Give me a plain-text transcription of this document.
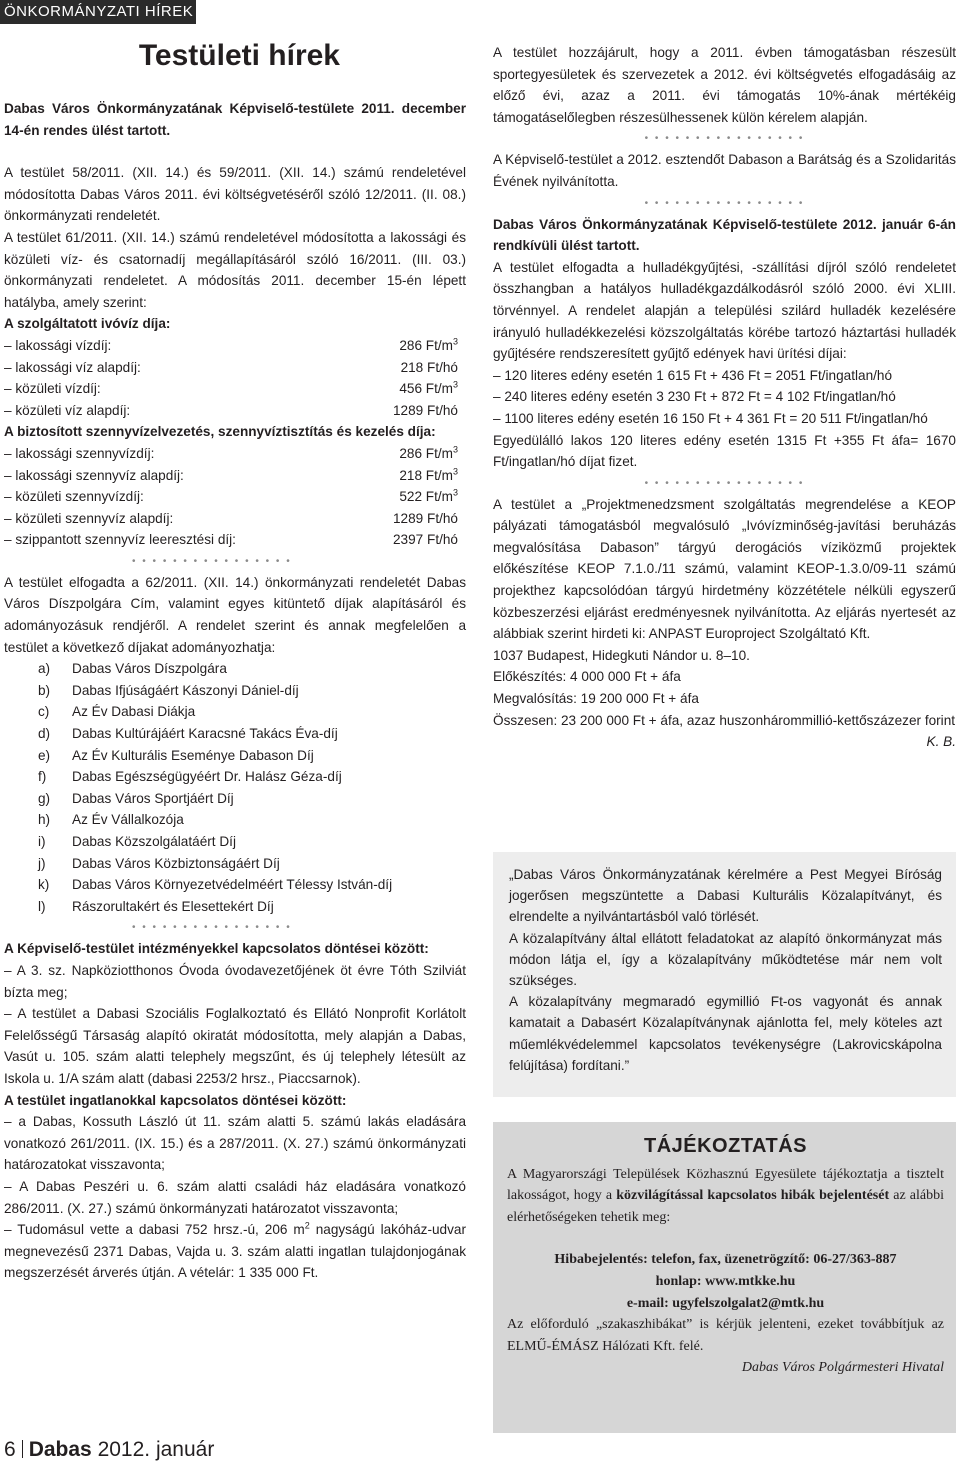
ÖNKORMÁNYZATI HÍREK
Testületi hírek

Dabas Város Önkormányzatának Képviselő-testülete 2011. december 14-én rendes ülést tartott.

A testület 58/2011. (XII. 14.) és 59/2011. (XII. 14.) számú rendeletével módosította Dabas Város 2011. évi költségvetéséről szóló 12/2011. (II. 08.) önkormányzati rendeletét.

A testület 61/2011. (XII. 14.) számú rendeletével módosította a lakossági és közületi víz- és csatornadíj megállapításáról szóló 16/2011. (III. 03.) önkormányzati rendeletet. A módosítás 2011. december 15-én lépett hatályba, amely szerint:

A szolgáltatott ivóvíz díja:

– lakossági vízdíj:	286 $Ft/m^3$
– lakossági víz alapdíj:	218 Ft/hó
– közületi vízdíj:	456 $Ft/m^3$
– közületi víz alapdíj:	1289 Ft/hó

A biztosított szennyvízelvezetés, szennyvíztisztítás és kezelés díja:

– lakossági szennyvízdíj:	286 $Ft/m^3$
– lakossági szennyvíz alapdíj:	218 $Ft/m^3$
– közületi szennyvízdíj:	522 $Ft/m^3$
– közületi szennyvíz alapdíj:	1289 Ft/hó
– szippantott szennyvíz leeresztési díj:	2397 Ft/hó
• • • • • • • • • • • • • • • •

A testület elfogadta a 62/2011. (XII. 14.) önkormányzati rendeletét Dabas Város Díszpolgára Cím, valamint egyes kitüntető díjak alapításáról és adományozásuk rendjéről. A rendelet szerint és annak megfelelően a testület a következő díjakat adományozhatja:

a)	Dabas Város Díszpolgára
b)	Dabas Ifjúságáért Kászonyi Dániel-díj
c)	Az Év Dabasi Diákja
d)	Dabas Kultúrájáért Karacsné Takács Éva-díj
e)	Az Év Kulturális Eseménye Dabason Díj
f)	Dabas Egészségügyéért Dr. Halász Géza-díj
g)	Dabas Város Sportjáért Díj
h)	Az Év Vállalkozója
i)	Dabas Közszolgálatáért Díj
j)	Dabas Város Közbiztonságáért Díj
k)	Dabas Város Környezetvédelméért Télessy István-díj
l)	Rászorultakért és Elesettekért Díj
• • • • • • • • • • • • • • • •

A Képviselő-testület intézményekkel kapcsolatos döntései között:

– A 3. sz. Napköziotthonos Óvoda óvodavezetőjének öt évre Tóth Szilviát bízta meg;

– A testület a Dabasi Szociális Foglalkoztató és Ellátó Nonprofit Korlátolt Felelősségű Társaság alapító okiratát módosította, mely alapján a Dabas, Vasút u. 105. szám alatti telephely megszűnt, és új telephely létesült az Iskola u. 1/A szám alatt (dabasi 2253/2 hrsz., Piaccsarnok).

A testület ingatlanokkal kapcsolatos döntései között:

– a Dabas, Kossuth László út 11. szám alatti 5. számú lakás eladására vonatkozó 261/2011. (IX. 15.) és a 287/2011. (X. 27.) számú önkormányzati határozatokat visszavonta;

– A Dabas Peszéri u. 6. szám alatti családi ház eladására vonatkozó 286/2011. (X. 27.) számú önkormányzati határozatot visszavonta;

– Tudomásul vette a dabasi 752 hrsz.-ú, 206 $m^2$ nagyságú lakóház-udvar megnevezésű 2371 Dabas, Vajda u. 3. szám alatti ingatlan tulajdonjogának megszerzését árverés útján. A vételár: 1 335 000 Ft.

A testület hozzájárult, hogy a 2011. évben támogatásban részesült sportegyesületek és szervezetek a 2012. évi költségvetés elfogadásáig az előző évi, azaz a 2011. évi támogatás 10%-ának mértékéig támogatáselőlegben részesülhessenek külön kérelem alapján.

• • • • • • • • • • • • • • • •

A Képviselő-testület a 2012. esztendőt Dabason a Barátság és a Szolidaritás Évének nyilvánította.

• • • • • • • • • • • • • • • •

Dabas Város Önkormányzatának Képviselő-testülete 2012. január 6-án rendkívüli ülést tartott.

A testület elfogadta a hulladékgyűjtési, -szállítási díjról szóló rendeletet összhangban a hatályos hulladékgazdálkodásról szóló 2000. évi XLIII. törvénnyel. A rendelet alapján a települési szilárd hulladék kezelésére irányuló hulladékkezelési közszolgáltatás körébe tartozó háztartási hulladék gyűjtésére rendszeresített gyűjtő edények havi ürítési díjai:

– 120 literes edény esetén 1 615 Ft + 436 Ft = 2051 Ft/ingatlan/hó

– 240 literes edény esetén 3 230 Ft + 872 Ft = 4 102 Ft/ingatlan/hó

– 1100 literes edény esetén 16 150 Ft + 4 361 Ft = 20 511 Ft/ingatlan/hó

Egyedülálló lakos 120 literes edény esetén 1315 Ft +355 Ft áfa= 1670 Ft/ingatlan/hó díjat fizet.

• • • • • • • • • • • • • • • •

A testület a „Projektmenedzsment szolgáltatás megrendelése a KEOP pályázati támogatásból megvalósuló „Ivóvízminőség-javítási beruházás megvalósítása Dabason” tárgyú derogációs víziközmű projektek előkészítése KEOP 7.1.0./11 számú, valamint KEOP-1.3.0/09-11 számú projekthez kapcsolódóan tárgyú hirdetmény közzététele nélküli egyszerű közbeszerzési eljárást eredményesnek nyilvánította. Az eljárás nyertesét az alábbiak szerint hirdeti ki: ANPAST Europroject Szolgáltató Kft.

1037 Budapest, Hidegkuti Nándor u. 8–10.

Előkészítés: 4 000 000 Ft + áfa

Megvalósítás: 19 200 000 Ft + áfa

Összesen: 23 200 000 Ft + áfa, azaz huszonhárommillió-kettőszázezer forint
K. B.

„Dabas Város Önkormányzatának kérelmére a Pest Megyei Bíróság jogerősen megszüntette a Dabasi Kulturális Közalapítványt, és elrendelte a nyilvántartásból való törlését.

A közalapítvány által ellátott feladatokat az alapító önkormányzat más módon látja el, így a közalapítvány működtetése már nem volt szükséges.

A közalapítvány megmaradó egymillió Ft-os vagyonát és annak kamatait a Dabasért Közalapítványnak ajánlotta fel, mely köteles azt műemlékvédelemmel kapcsolatos tevékenységre (Lakrovicskápolna felújítása) fordítani.”

TÁJÉKOZTATÁS

A Magyarországi Települések Közhasznú Egyesülete tájékoztatja a tisztelt lakosságot, hogy a közvilágítással kapcsolatos hibák bejelentését az alábbi elérhetőségeken tehetik meg:

Hibabejelentés: telefon, fax, üzenetrögzítő: 06-27/363-887

honlap: www.mtkke.hu

e-mail: ugyfelszolgalat2@mtk.hu

Az előforduló „szakaszhibákat” is kérjük jelenteni, ezeket továbbítjuk az ELMŰ-ÉMÁSZ Hálózati Kft. felé.

Dabas Város Polgármesteri Hivatal

6 Dabas 2012. január
